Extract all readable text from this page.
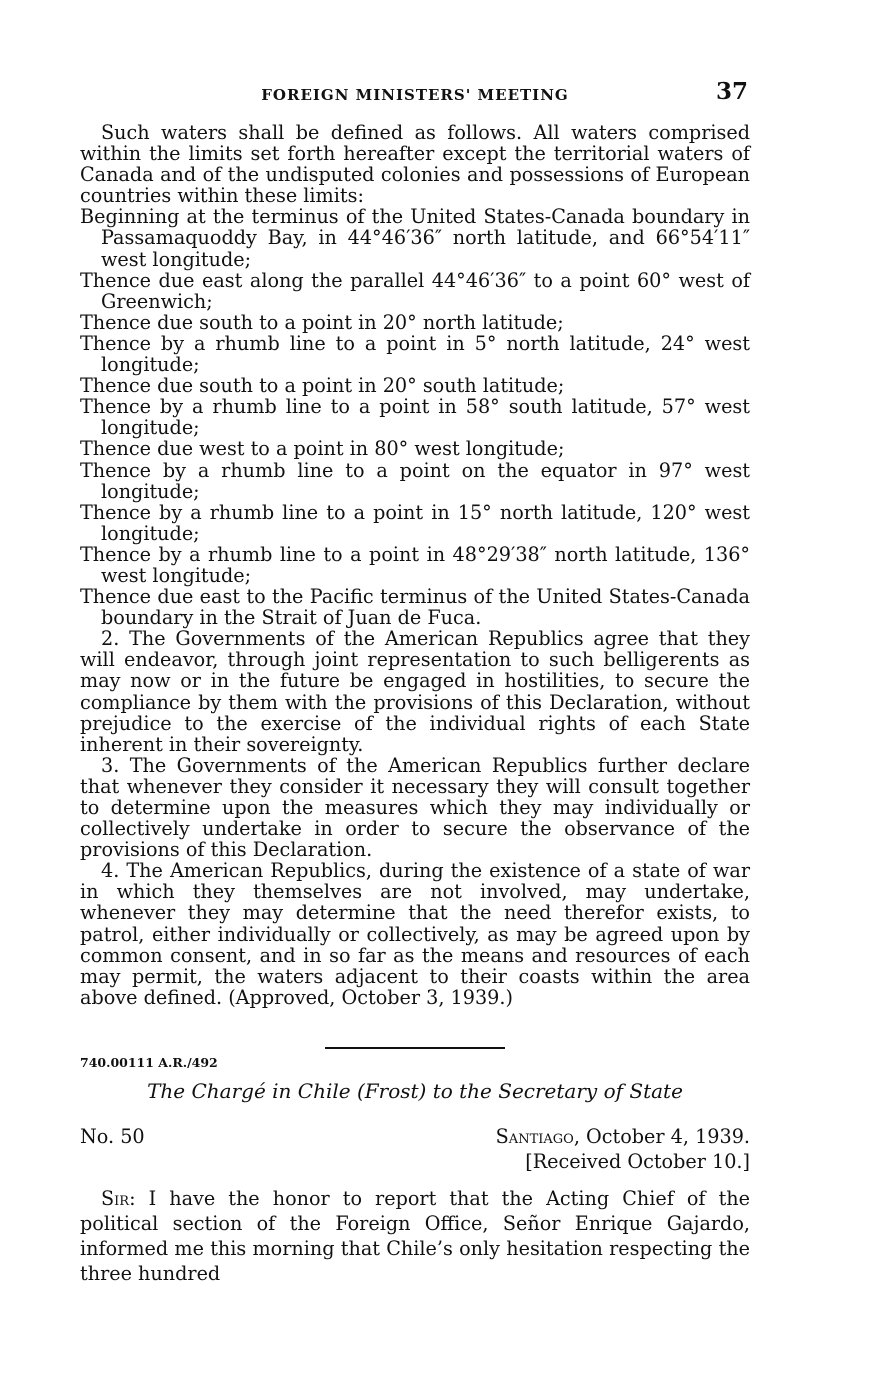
FOREIGN MINISTERS' MEETING	37

Such waters shall be defined as follows. All waters comprised within the limits set forth hereafter except the territorial waters of Canada and of the undisputed colonies and possessions of European countries within these limits:

Beginning at the terminus of the United States-Canada boundary in Passamaquoddy Bay, in 44°46′36″ north latitude, and 66°54′11″ west longitude;

Thence due east along the parallel 44°46′36″ to a point 60° west of Greenwich;

Thence due south to a point in 20° north latitude;

Thence by a rhumb line to a point in 5° north latitude, 24° west longitude;

Thence due south to a point in 20° south latitude;

Thence by a rhumb line to a point in 58° south latitude, 57° west longitude;

Thence due west to a point in 80° west longitude;

Thence by a rhumb line to a point on the equator in 97° west longitude;

Thence by a rhumb line to a point in 15° north latitude, 120° west longitude;

Thence by a rhumb line to a point in 48°29′38″ north latitude, 136° west longitude;

Thence due east to the Pacific terminus of the United States-Canada boundary in the Strait of Juan de Fuca.

2. The Governments of the American Republics agree that they will endeavor, through joint representation to such belligerents as may now or in the future be engaged in hostilities, to secure the compliance by them with the provisions of this Declaration, without prejudice to the exercise of the individual rights of each State inherent in their sovereignty.

3. The Governments of the American Republics further declare that whenever they consider it necessary they will consult together to determine upon the measures which they may individually or collectively undertake in order to secure the observance of the provisions of this Declaration.

4. The American Republics, during the existence of a state of war in which they themselves are not involved, may undertake, whenever they may determine that the need therefor exists, to patrol, either individually or collectively, as may be agreed upon by common consent, and in so far as the means and resources of each may permit, the waters adjacent to their coasts within the area above defined. (Approved, October 3, 1939.)

740.00111 A.R./492
The Chargé in Chile (Frost) to the Secretary of State
No. 50	Santiago, October 4, 1939.
[Received October 10.]

Sir: I have the honor to report that the Acting Chief of the political section of the Foreign Office, Señor Enrique Gajardo, informed me this morning that Chile’s only hesitation respecting the three hundred
